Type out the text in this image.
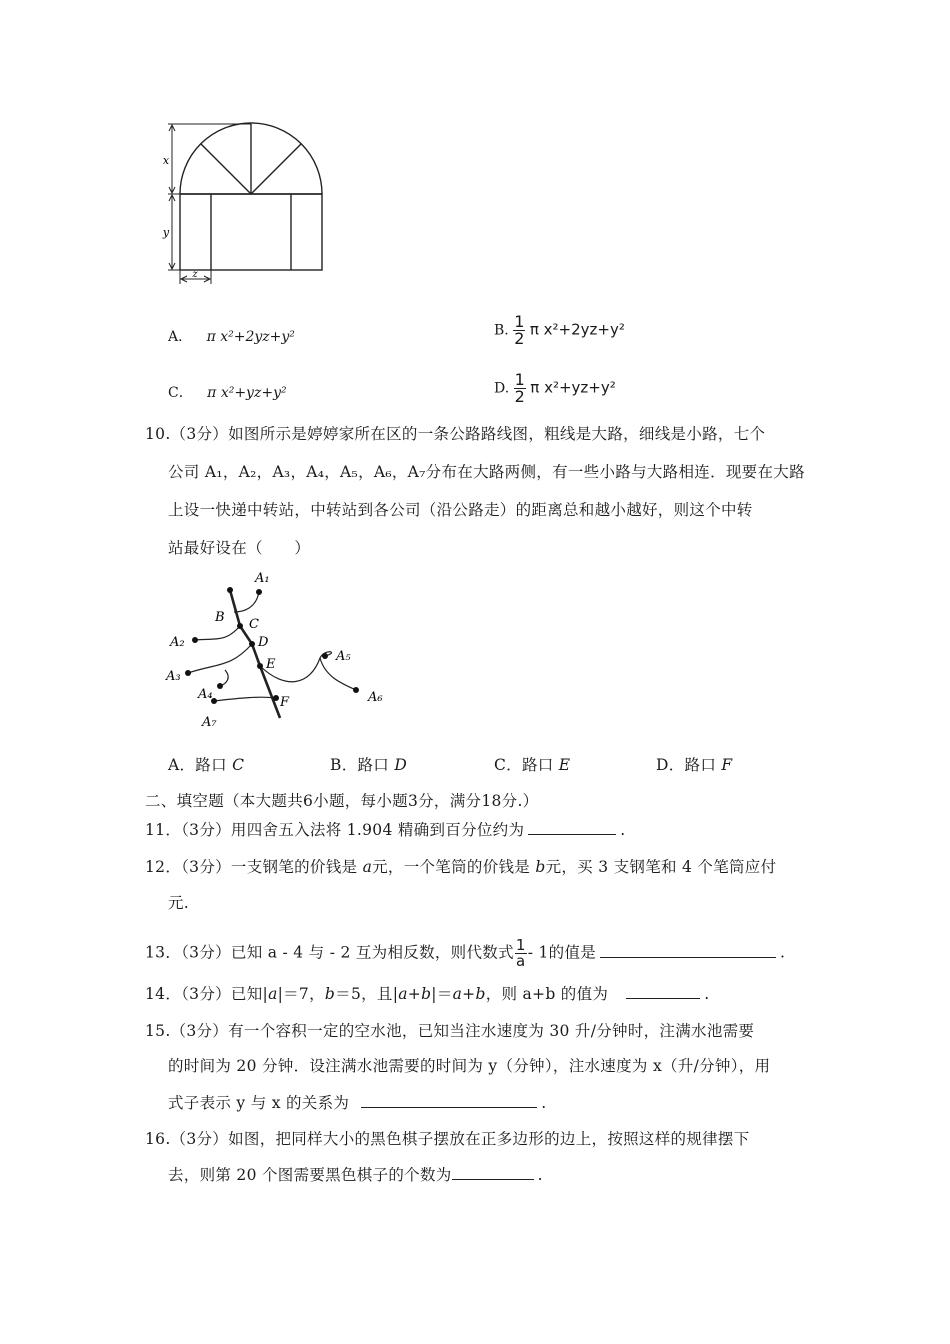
x
y
z
A． π x²+2yz+y²	B. $\frac{1}{2}$ π x²+2yz+y²
C． π x²+yz+y²	D. $\frac{1}{2}$ π x²+yz+y²
10.（3分）如图所示是婷婷家所在区的一条公路路线图，粗线是大路，细线是小路，七个
公司 A₁，A₂，A₃，A₄，A₅，A₆，A₇分布在大路两侧，有一些小路与大路相连．现要在大路
上设一快递中转站，中转站到各公司（沿公路走）的距离总和越小越好，则这个中转
站最好设在（　　）
A₁
A₂
A₃
A₄
A₅
A₆
A₇
B C
D
E
F
A．路口 C	B．路口 D	C．路口 E	D．路口 F
二、填空题（本大题共6小题，每小题3分，满分18分.）
11．（3分）用四舍五入法将 1.904 精确到百分位约为	.
12．（3分）一支钢笔的价钱是 a元，一个笔筒的价钱是 b元，买 3 支钢笔和 4 个笔筒应付
元.
13．（3分）已知 a - 4 与 - 2 互为相反数，则代数式 $\frac{1}{a} - 1$的值是	.
14．（3分）已知|a|＝7，b＝5，且|a+b|＝a+b，则 a+b 的值为	.
15.（3分）有一个容积一定的空水池，已知当注水速度为 30 升/分钟时，注满水池需要
的时间为 20 分钟．设注满水池需要的时间为 y（分钟），注水速度为 x（升/分钟），用
式子表示 y 与 x 的关系为	.
16.（3分）如图，把同样大小的黑色棋子摆放在正多边形的边上，按照这样的规律摆下
去，则第 20 个图需要黑色棋子的个数为	.
